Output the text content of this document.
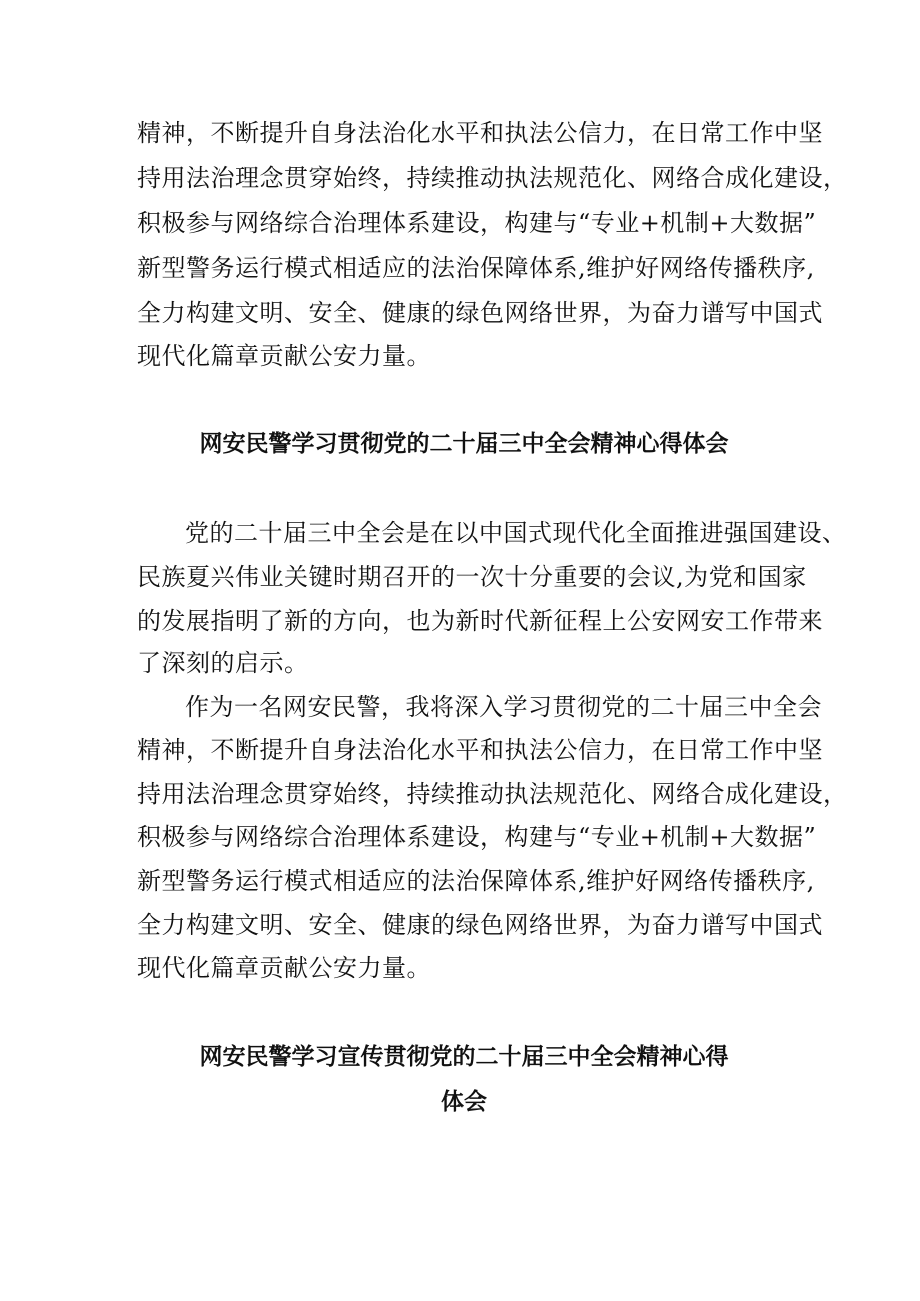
精神，不断提升自身法治化水平和执法公信力，在日常工作中坚
持用法治理念贯穿始终，持续推动执法规范化、网络合成化建设，
积极参与网络综合治理体系建设，构建与“专业+机制+大数据”
新型警务运行模式相适应的法治保障体系,维护好网络传播秩序,
全力构建文明、安全、健康的绿色网络世界，为奋力谱写中国式
现代化篇章贡献公安力量。
网安民警学习贯彻党的二十届三中全会精神心得体会
党的二十届三中全会是在以中国式现代化全面推进强国建设、
民族夏兴伟业关键时期召开的一次十分重要的会议,为党和国家
的发展指明了新的方向，也为新时代新征程上公安网安工作带来
了深刻的启示。
作为一名网安民警，我将深入学习贯彻党的二十届三中全会
精神，不断提升自身法治化水平和执法公信力，在日常工作中坚
持用法治理念贯穿始终，持续推动执法规范化、网络合成化建设，
积极参与网络综合治理体系建设，构建与“专业+机制+大数据”
新型警务运行模式相适应的法治保障体系,维护好网络传播秩序,
全力构建文明、安全、健康的绿色网络世界，为奋力谱写中国式
现代化篇章贡献公安力量。
网安民警学习宣传贯彻党的二十届三中全会精神心得
体会
